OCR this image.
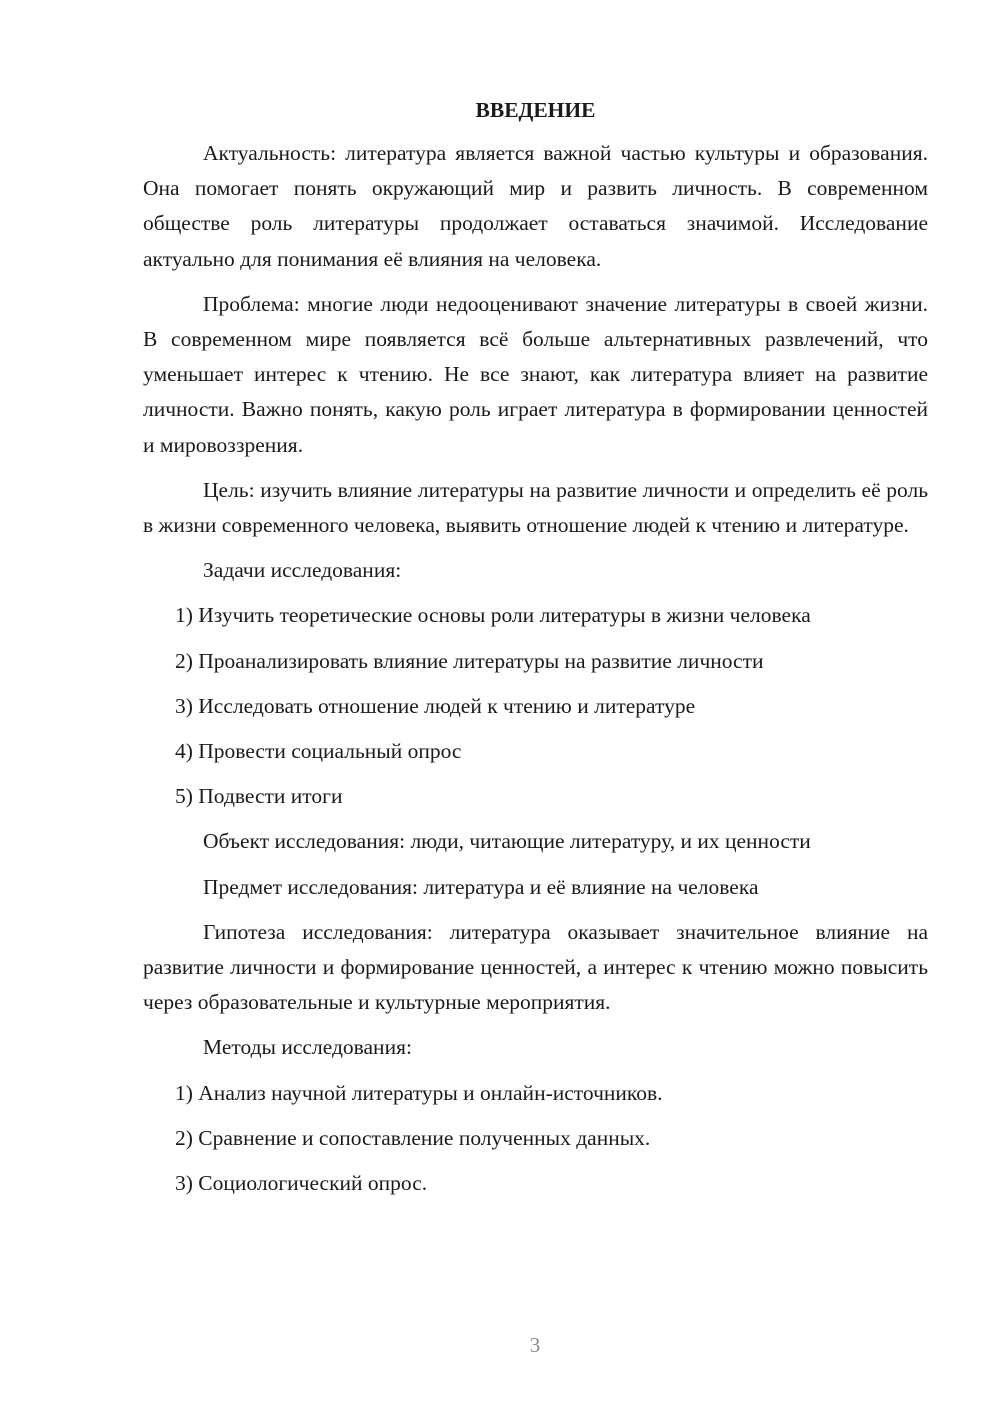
ВВЕДЕНИЕ

Актуальность: литература является важной частью культуры и образования. Она помогает понять окружающий мир и развить личность. В современном обществе роль литературы продолжает оставаться значимой. Исследование актуально для понимания её влияния на человека.

Проблема: многие люди недооценивают значение литературы в своей жизни. В современном мире появляется всё больше альтернативных развлечений, что уменьшает интерес к чтению. Не все знают, как литература влияет на развитие личности. Важно понять, какую роль играет литература в формировании ценностей и мировоззрения.

Цель: изучить влияние литературы на развитие личности и определить её роль в жизни современного человека, выявить отношение людей к чтению и литературе.

Задачи исследования:

1) Изучить теоретические основы роли литературы в жизни человека
2) Проанализировать влияние литературы на развитие личности
3) Исследовать отношение людей к чтению и литературе
4) Провести социальный опрос
5) Подвести итоги

Объект исследования: люди, читающие литературу, и их ценности

Предмет исследования: литература и её влияние на человека

Гипотеза исследования: литература оказывает значительное влияние на развитие личности и формирование ценностей, а интерес к чтению можно повысить через образовательные и культурные мероприятия.

Методы исследования:

1) Анализ научной литературы и онлайн-источников.
2) Сравнение и сопоставление полученных данных.
3) Социологический опрос.
3
